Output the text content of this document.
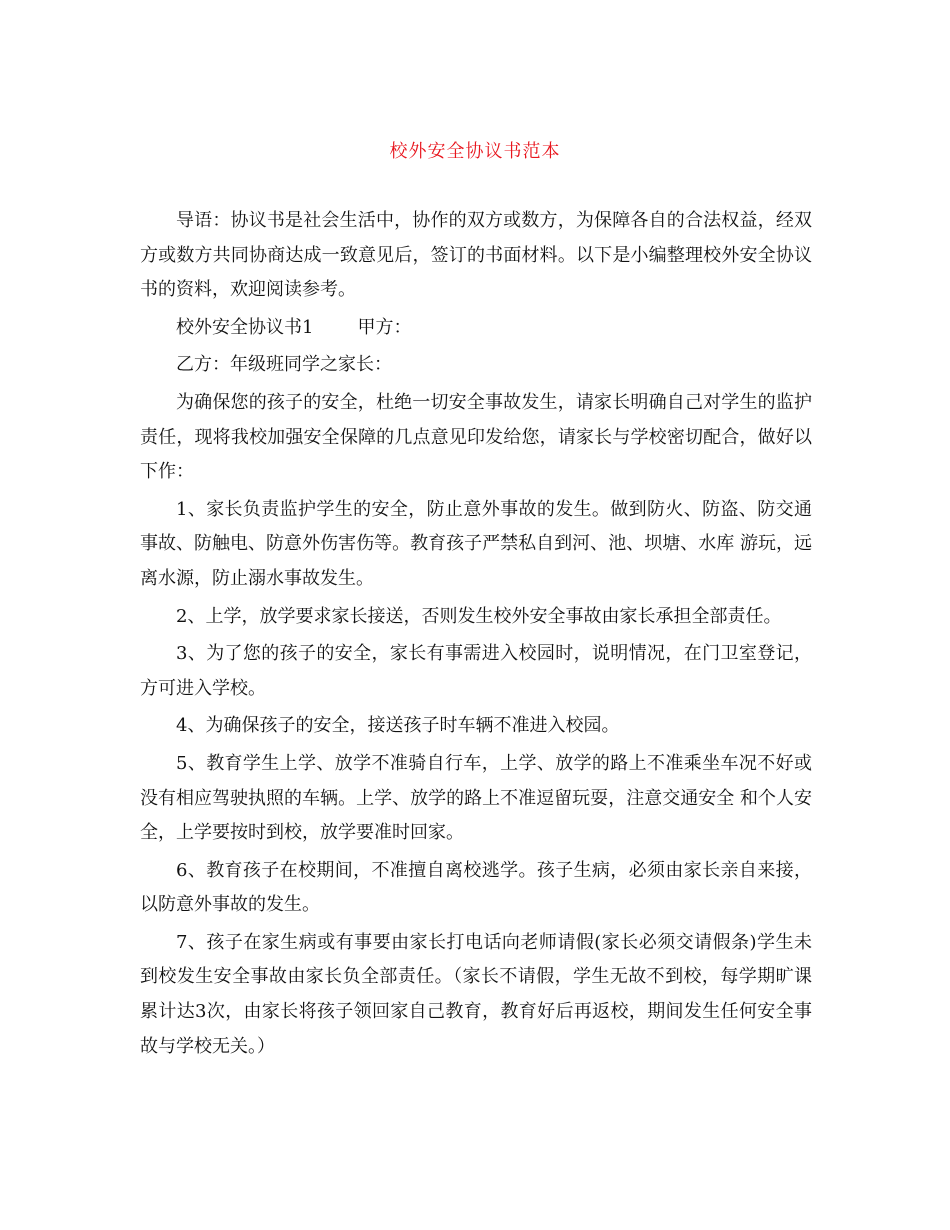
校外安全协议书范本

导语：协议书是社会生活中，协作的双方或数方，为保障各自的合法权益，经双方或数方共同协商达成一致意见后，签订的书面材料。以下是小编整理校外安全协议书的资料，欢迎阅读参考。

校外安全协议书1 甲方：

乙方：年级班同学之家长：

为确保您的孩子的安全，杜绝一切安全事故发生，请家长明确自己对学生的监护责任，现将我校加强安全保障的几点意见印发给您，请家长与学校密切配合，做好以下作：

1、家长负责监护学生的安全，防止意外事故的发生。做到防火、防盗、防交通事故、防触电、防意外伤害伤等。教育孩子严禁私自到河、池、坝塘、水库 游玩，远离水源，防止溺水事故发生。

2、上学，放学要求家长接送，否则发生校外安全事故由家长承担全部责任。

3、为了您的孩子的安全，家长有事需进入校园时，说明情况，在门卫室登记，方可进入学校。

4、为确保孩子的安全，接送孩子时车辆不准进入校园。

5、教育学生上学、放学不准骑自行车，上学、放学的路上不准乘坐车况不好或没有相应驾驶执照的车辆。上学、放学的路上不准逗留玩耍，注意交通安全 和个人安全，上学要按时到校，放学要准时回家。

6、教育孩子在校期间，不准擅自离校逃学。孩子生病，必须由家长亲自来接，以防意外事故的发生。

7、孩子在家生病或有事要由家长打电话向老师请假(家长必须交请假条)学生未到校发生安全事故由家长负全部责任。（家长不请假，学生无故不到校，每学期旷课累计达3次，由家长将孩子领回家自己教育，教育好后再返校，期间发生任何安全事故与学校无关。）
